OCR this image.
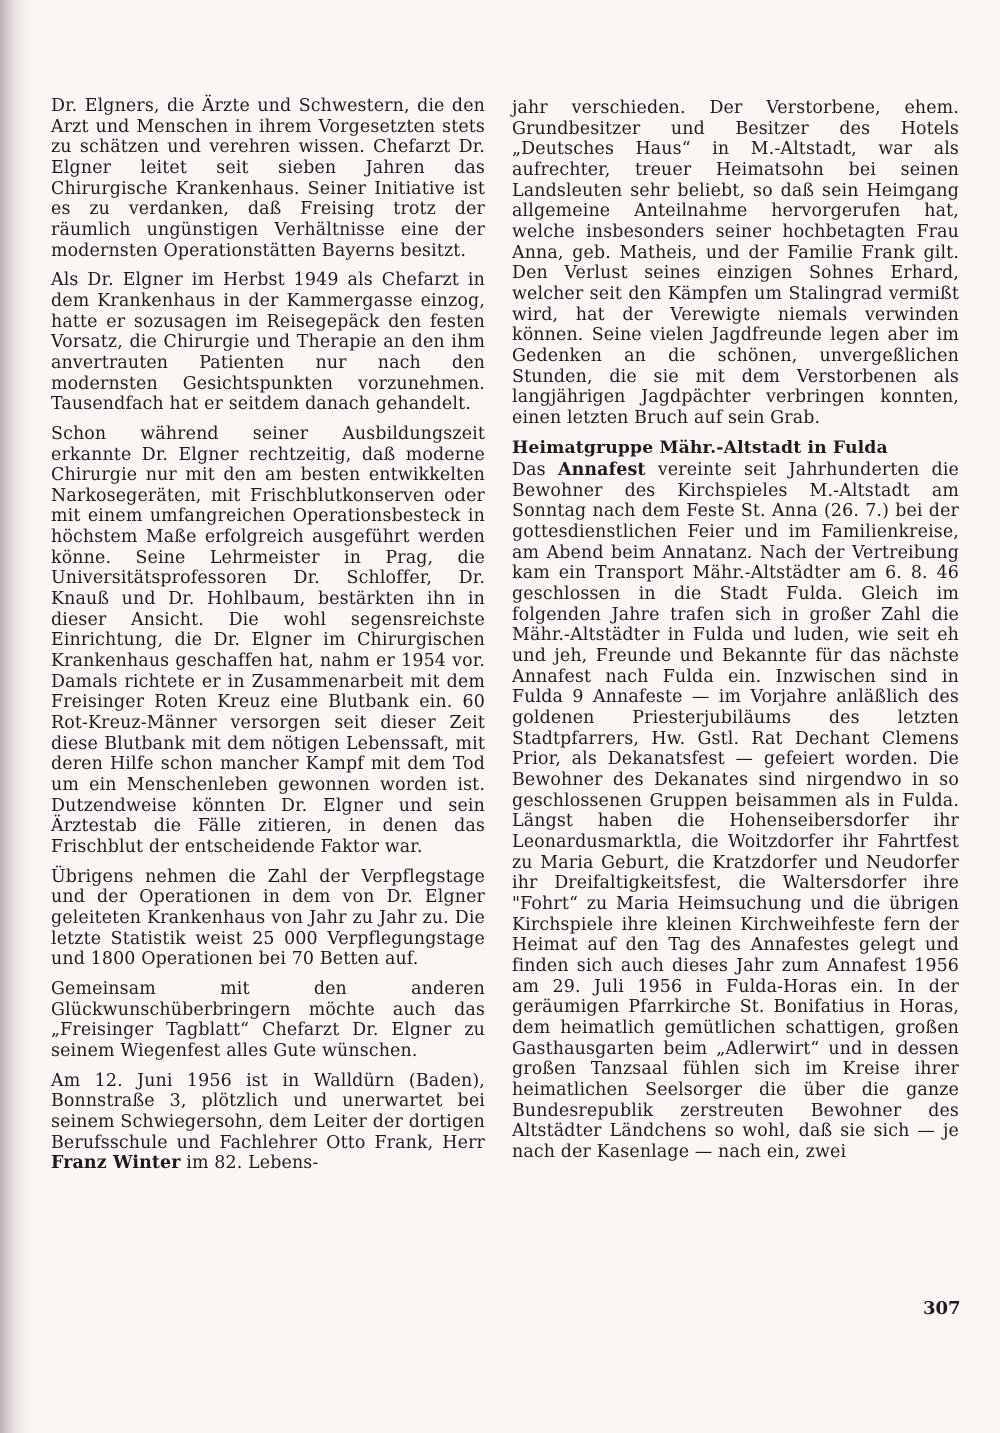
Dr. Elgners, die Ärzte und Schwestern, die den Arzt und Menschen in ihrem Vorgesetzten stets zu schätzen und verehren wissen. Chefarzt Dr. Elgner leitet seit sieben Jahren das Chirurgische Krankenhaus. Seiner Initiative ist es zu verdanken, daß Freising trotz der räumlich ungünstigen Verhältnisse eine der modernsten Operationstätten Bayerns besitzt.

Als Dr. Elgner im Herbst 1949 als Chefarzt in dem Krankenhaus in der Kammergasse einzog, hatte er sozusagen im Reisegepäck den festen Vorsatz, die Chirurgie und Therapie an den ihm anvertrauten Patienten nur nach den modernsten Gesichtspunkten vorzunehmen. Tausendfach hat er seitdem danach gehandelt.

Schon während seiner Ausbildungszeit erkannte Dr. Elgner rechtzeitig, daß moderne Chirurgie nur mit den am besten entwikkelten Narkosegeräten, mit Frischblutkonserven oder mit einem umfangreichen Operationsbesteck in höchstem Maße erfolgreich ausgeführt werden könne. Seine Lehrmeister in Prag, die Universitätsprofessoren Dr. Schloffer, Dr. Knauß und Dr. Hohlbaum, bestärkten ihn in dieser Ansicht. Die wohl segensreichste Einrichtung, die Dr. Elgner im Chirurgischen Krankenhaus geschaffen hat, nahm er 1954 vor. Damals richtete er in Zusammenarbeit mit dem Freisinger Roten Kreuz eine Blutbank ein. 60 Rot-Kreuz-Männer versorgen seit dieser Zeit diese Blutbank mit dem nötigen Lebenssaft, mit deren Hilfe schon mancher Kampf mit dem Tod um ein Menschenleben gewonnen worden ist. Dutzendweise könnten Dr. Elgner und sein Ärztestab die Fälle zitieren, in denen das Frischblut der entscheidende Faktor war.

Übrigens nehmen die Zahl der Verpflegstage und der Operationen in dem von Dr. Elgner geleiteten Krankenhaus von Jahr zu Jahr zu. Die letzte Statistik weist 25 000 Verpflegungstage und 1800 Operationen bei 70 Betten auf.

Gemeinsam mit den anderen Glückwunschüberbringern möchte auch das „Freisinger Tagblatt“ Chefarzt Dr. Elgner zu seinem Wiegenfest alles Gute wünschen.

Am 12. Juni 1956 ist in Walldürn (Baden), Bonnstraße 3, plötzlich und unerwartet bei seinem Schwiegersohn, dem Leiter der dortigen Berufsschule und Fachlehrer Otto Frank, Herr Franz Winter im 82. Lebens-

jahr verschieden. Der Verstorbene, ehem. Grundbesitzer und Besitzer des Hotels „Deutsches Haus“ in M.-Altstadt, war als aufrechter, treuer Heimatsohn bei seinen Landsleuten sehr beliebt, so daß sein Heimgang allgemeine Anteilnahme hervorgerufen hat, welche insbesonders seiner hochbetagten Frau Anna, geb. Matheis, und der Familie Frank gilt. Den Verlust seines einzigen Sohnes Erhard, welcher seit den Kämpfen um Stalingrad vermißt wird, hat der Verewigte niemals verwinden können. Seine vielen Jagdfreunde legen aber im Gedenken an die schönen, unvergeßlichen Stunden, die sie mit dem Verstorbenen als langjährigen Jagdpächter verbringen konnten, einen letzten Bruch auf sein Grab.

Heimatgruppe Mähr.-Altstadt in Fulda

Das Annafest vereinte seit Jahrhunderten die Bewohner des Kirchspieles M.-Altstadt am Sonntag nach dem Feste St. Anna (26. 7.) bei der gottesdienstlichen Feier und im Familienkreise, am Abend beim Annatanz. Nach der Vertreibung kam ein Transport Mähr.-Altstädter am 6. 8. 46 geschlossen in die Stadt Fulda. Gleich im folgenden Jahre trafen sich in großer Zahl die Mähr.-Altstädter in Fulda und luden, wie seit eh und jeh, Freunde und Bekannte für das nächste Annafest nach Fulda ein. Inzwischen sind in Fulda 9 Annafeste — im Vorjahre anläßlich des goldenen Priesterjubiläums des letzten Stadtpfarrers, Hw. Gstl. Rat Dechant Clemens Prior, als Dekanatsfest — gefeiert worden. Die Bewohner des Dekanates sind nirgendwo in so geschlossenen Gruppen beisammen als in Fulda. Längst haben die Hohenseibersdorfer ihr Leonardusmarktla, die Woitzdorfer ihr Fahrtfest zu Maria Geburt, die Kratzdorfer und Neudorfer ihr Dreifaltigkeitsfest, die Waltersdorfer ihre "Fohrt“ zu Maria Heimsuchung und die übrigen Kirchspiele ihre kleinen Kirchweihfeste fern der Heimat auf den Tag des Annafestes gelegt und finden sich auch dieses Jahr zum Annafest 1956 am 29. Juli 1956 in Fulda-Horas ein. In der geräumigen Pfarrkirche St. Bonifatius in Horas, dem heimatlich gemütlichen schattigen, großen Gasthausgarten beim „Adlerwirt“ und in dessen großen Tanzsaal fühlen sich im Kreise ihrer heimatlichen Seelsorger die über die ganze Bundesrepublik zerstreuten Bewohner des Altstädter Ländchens so wohl, daß sie sich — je nach der Kasenlage — nach ein, zwei

307
